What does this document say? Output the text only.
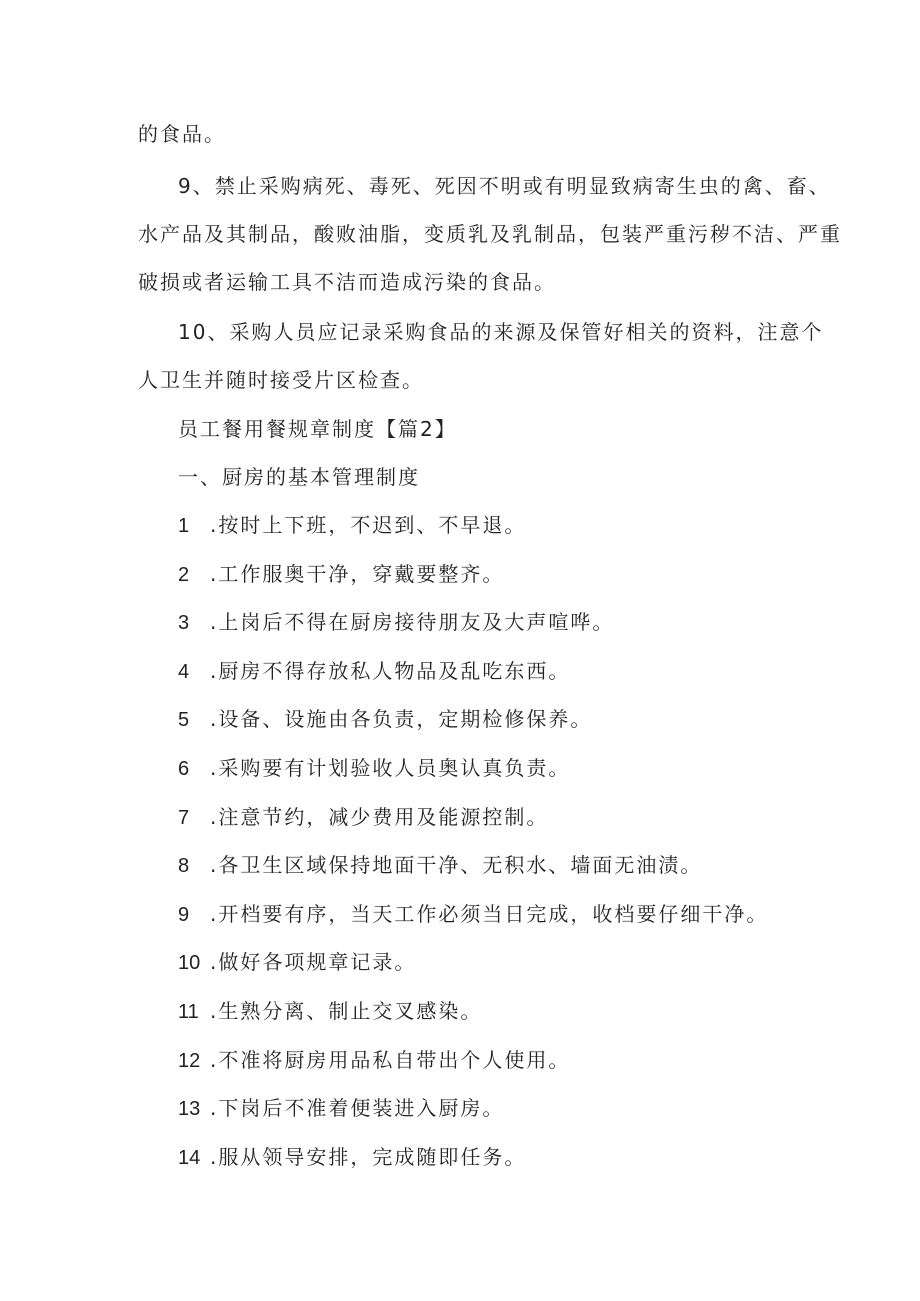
的食品。
9、禁止采购病死、毒死、死因不明或有明显致病寄生虫的禽、畜、
水产品及其制品，酸败油脂，变质乳及乳制品，包装严重污秽不洁、严重
破损或者运输工具不洁而造成污染的食品。
10、采购人员应记录采购食品的来源及保管好相关的资料，注意个
人卫生并随时接受片区检查。
员工餐用餐规章制度【篇2】
一、厨房的基本管理制度
1 .按时上下班，不迟到、不早退。
2 .工作服奥干净，穿戴要整齐。
3 .上岗后不得在厨房接待朋友及大声喧哗。
4 .厨房不得存放私人物品及乱吃东西。
5 .设备、设施由各负责，定期检修保养。
6 .采购要有计划验收人员奥认真负责。
7 .注意节约，减少费用及能源控制。
8 .各卫生区域保持地面干净、无积水、墙面无油渍。
9 .开档要有序，当天工作必须当日完成，收档要仔细干净。
10 .做好各项规章记录。
11 .生熟分离、制止交叉感染。
12 .不准将厨房用品私自带出个人使用。
13 .下岗后不准着便装进入厨房。
14 .服从领导安排，完成随即任务。
